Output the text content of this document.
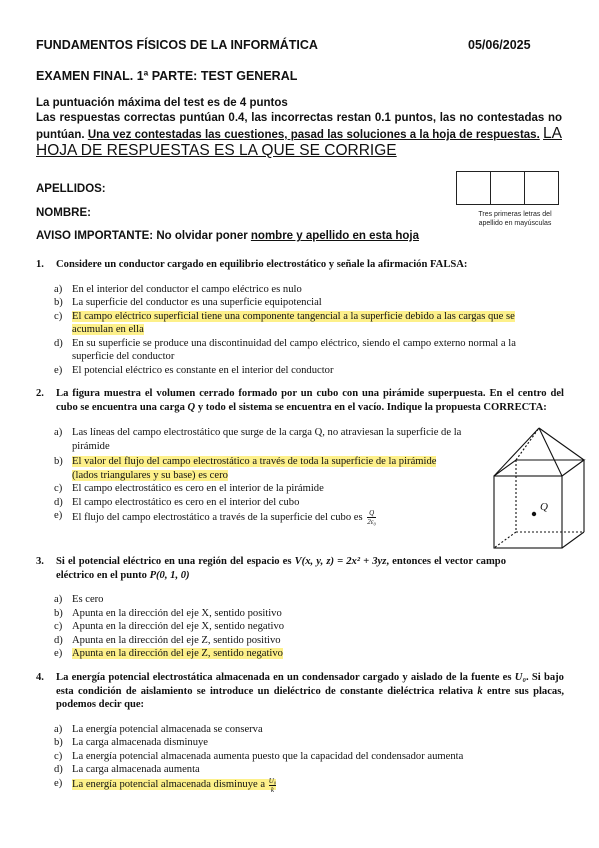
FUNDAMENTOS FÍSICOS DE LA INFORMÁTICA	05/06/2025
EXAMEN FINAL. 1ª PARTE: TEST GENERAL
La puntuación máxima del test es de 4 puntos
Las respuestas correctas puntúan 0.4, las incorrectas restan 0.1 puntos, las no contestadas no puntúan. Una vez contestadas las cuestiones, pasad las soluciones a la hoja de respuestas. LA HOJA DE RESPUESTAS ES LA QUE SE CORRIGE
APELLIDOS:
NOMBRE:	Tres primeras letras del apellido en mayúsculas
AVISO IMPORTANTE: No olvidar poner nombre y apellido en esta hoja
1. Considere un conductor cargado en equilibrio electrostático y señale la afirmación FALSA:
a) En el interior del conductor el campo eléctrico es nulo
b) La superficie del conductor es una superficie equipotencial
c) El campo eléctrico superficial tiene una componente tangencial a la superficie debido a las cargas que se acumulan en ella
d) En su superficie se produce una discontinuidad del campo eléctrico, siendo el campo externo normal a la superficie del conductor
e) El potencial eléctrico es constante en el interior del conductor
2. La figura muestra el volumen cerrado formado por un cubo con una pirámide superpuesta. En el centro del cubo se encuentra una carga Q y todo el sistema se encuentra en el vacío. Indique la propuesta CORRECTA:
a) Las líneas del campo electrostático que surge de la carga Q, no atraviesan la superficie de la pirámide
b) El valor del flujo del campo electrostático a través de toda la superficie de la pirámide (lados triangulares y su base) es cero
c) El campo electrostático es cero en el interior de la pirámide
d) El campo electrostático es cero en el interior del cubo
e) El flujo del campo electrostático a través de la superficie del cubo es $\frac{Q}{\text{2ε₀}}$
Q
3. Si el potencial eléctrico en una región del espacio es V(x, y, z) = 2x² + 3yz, entonces el vector campo eléctrico en el punto P(0, 1, 0)
a) Es cero
b) Apunta en la dirección del eje X, sentido positivo
c) Apunta en la dirección del eje X, sentido negativo
d) Apunta en la dirección del eje Z, sentido positivo
e) Apunta en la dirección del eje Z, sentido negativo
4. La energía potencial electrostática almacenada en un condensador cargado y aislado de la fuente es U₀. Si bajo esta condición de aislamiento se introduce un dieléctrico de constante dieléctrica relativa k entre sus placas, podemos decir que:
a) La energía potencial almacenada se conserva
b) La carga almacenada disminuye
c) La energía potencial almacenada aumenta puesto que la capacidad del condensador aumenta
d) La carga almacenada aumenta
e) La energía potencial almacenada disminuye a $\frac{\text{U₀}}{k}$
